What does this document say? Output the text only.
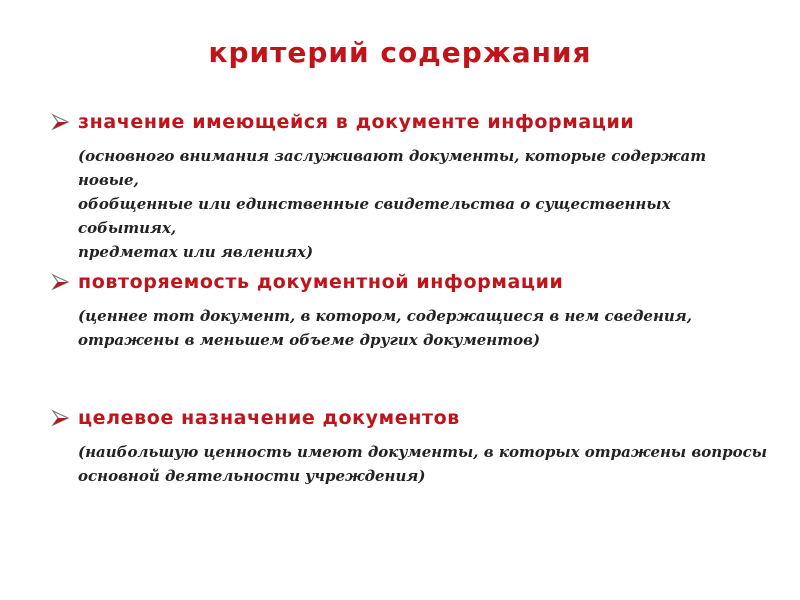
критерий содержания
значение имеющейся в документе информации
(основного внимания заслуживают документы, которые содержат новые,
обобщенные или единственные свидетельства о существенных событиях,
предметах или явлениях)
повторяемость документной информации
(ценнее тот документ, в котором, содержащиеся в нем сведения,
отражены в меньшем объеме других документов)
целевое назначение документов
(наибольшую ценность имеют документы, в которых отражены вопросы
основной деятельности учреждения)
